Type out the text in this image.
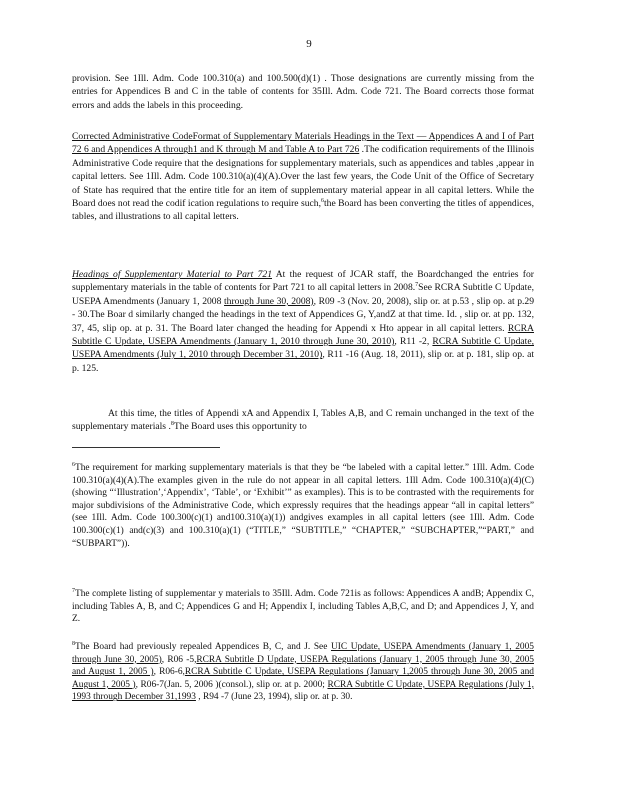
9

provision. See 1Ill. Adm. Code 100.310(a) and 100.500(d)(1) . Those designations are currently missing from the entries for Appendices B and C in the table of contents for 35Ill. Adm. Code 721. The Board corrects those format errors and adds the labels in this proceeding.

Corrected Administrative CodeFormat of Supplementary Materials Headings in the Text — Appendices A and I of Part 72 6 and Appendices A through1 and K through M and Table A to Part 726 .The codification requirements of the Illinois Administrative Code require that the designations for supplementary materials, such as appendices and tables ,appear in capital letters. See 1Ill. Adm. Code 100.310(a)(4)(A).Over the last few years, the Code Unit of the Office of Secretary of State has required that the entire title for an item of supplementary material appear in all capital letters. While the Board does not read the codif ication regulations to require such,$^6$the Board has been converting the titles of appendices, tables, and illustrations to all capital letters.

Headings of Supplementary Material to Part 721 At the request of JCAR staff, the Boardchanged the entries for supplementary materials in the table of contents for Part 721 to all capital letters in 2008.$^7$See RCRA Subtitle C Update, USEPA Amendments (January 1, 2008 through June 30, 2008), R09 -3 (Nov. 20, 2008), slip or. at p.53 , slip op. at p.29 - 30.The Boar d similarly changed the headings in the text of Appendices G, Y,andZ at that time. Id. , slip or. at pp. 132, 37, 45, slip op. at p. 31. The Board later changed the heading for Appendi x Hto appear in all capital letters. RCRA Subtitle C Update, USEPA Amendments (January 1, 2010 through June 30, 2010), R11 -2, RCRA Subtitle C Update, USEPA Amendments (July 1, 2010 through December 31, 2010), R11 -16 (Aug. 18, 2011), slip or. at p. 181, slip op. at p. 125.

At this time, the titles of Appendi xA and Appendix I, Tables A,B, and C remain unchanged in the text of the supplementary materials .$^8$The Board uses this opportunity to

$^6$The requirement for marking supplementary materials is that they be “be labeled with a capital letter.” 1Ill. Adm. Code 100.310(a)(4)(A).The examples given in the rule do not appear in all capital letters. 1Ill Adm. Code 100.310(a)(4)(C) (showing “‘Illustration’,‘Appendix’, ‘Table’, or ‘Exhibit’” as examples). This is to be contrasted with the requirements for major subdivisions of the Administrative Code, which expressly requires that the headings appear “all in capital letters” (see 1Ill. Adm. Code 100.300(c)(1) and100.310(a)(1)) andgives examples in all capital letters (see 1Ill. Adm. Code 100.300(c)(1) and(c)(3) and 100.310(a)(1) (“TITLE,” “SUBTITLE,” “CHAPTER,” “SUBCHAPTER,”“PART,” and “SUBPART”)).

$^7$The complete listing of supplementar y materials to 35Ill. Adm. Code 721is as follows: Appendices A andB; Appendix C, including Tables A, B, and C; Appendices G and H; Appendix I, including Tables A,B,C, and D; and Appendices J, Y, and Z.

$^8$The Board had previously repealed Appendices B, C, and J. See UIC Update, USEPA Amendments (January 1, 2005 through June 30, 2005), R06 -5,RCRA Subtitle D Update, USEPA Regulations (January 1, 2005 through June 30, 2005 and August 1, 2005 ), R06-6,RCRA Subtitle C Update, USEPA Regulations (January 1,2005 through June 30, 2005 and August 1, 2005 ), R06-7(Jan. 5, 2006 )(consol.), slip or. at p. 2000; RCRA Subtitle C Update, USEPA Regulations (July 1, 1993 through December 31,1993 , R94 -7 (June 23, 1994), slip or. at p. 30.
